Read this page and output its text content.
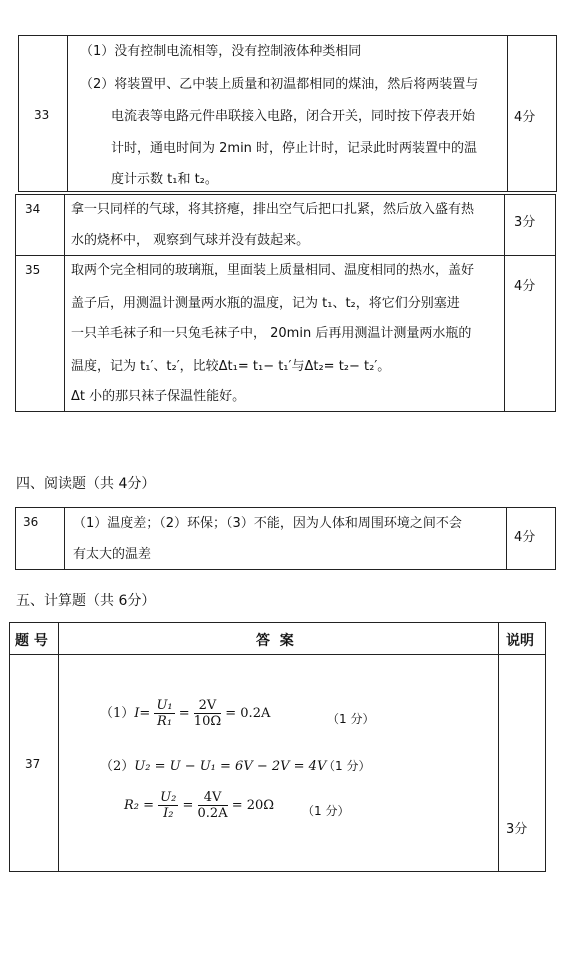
33
（1）没有控制电流相等，没有控制液体种类相同
（2）将装置甲、乙中装上质量和初温都相同的煤油，然后将两装置与
电流表等电路元件串联接入电路，闭合开关，同时按下停表开始
计时，通电时间为 2min 时，停止计时，记录此时两装置中的温
度计示数 t₁和 t₂。
4分
34 拿一只同样的气球，将其挤瘪，排出空气后把口扎紧，然后放入盛有热
水的烧杯中， 观察到气球并没有鼓起来。
3分
35 取两个完全相同的玻璃瓶，里面装上质量相同、温度相同的热水，盖好
盖子后，用测温计测量两水瓶的温度，记为 t₁、t₂，将它们分别塞进
一只羊毛袜子和一只兔毛袜子中， 20min 后再用测温计测量两水瓶的
温度，记为 t₁′、t₂′，比较Δt₁= t₁− t₁′与Δt₂= t₂− t₂′。
Δt 小的那只袜子保温性能好。
4分
四、阅读题（共 4分）
36	（1）温度差；（2）环保；（3）不能，因为人体和周围环境之间不会
有太大的温差
4分
五、计算题（共 6分）
题 号	答  案	说明
37
$(1)I= \frac{\text{U₁}}{\text{R₁}} = \frac{2V}{10\Omega} = 0.2A$	（1 分）
（2）U₂ = U − U₁ = 6V − 2V = 4V
（1 分）
$R_2 = \frac{\text{U₂}}{\text{I₂}} = \frac{4V}{0.2A} = 20\Omega$ （1 分）
3分
